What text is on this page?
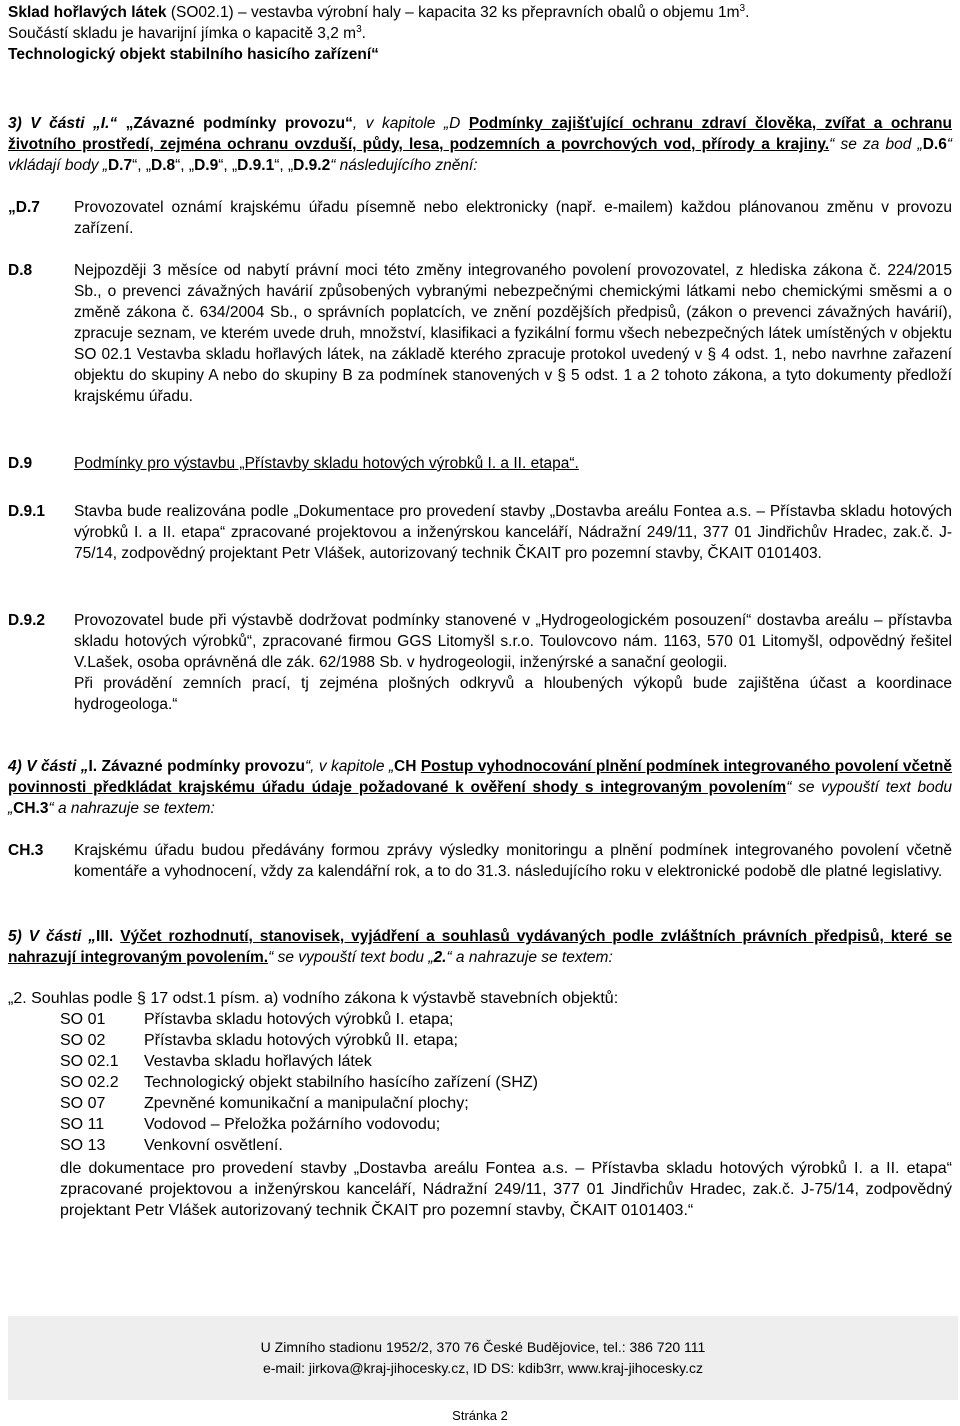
Sklad hořlavých látek (SO02.1) – vestavba výrobní haly – kapacita 32 ks přepravních obalů o objemu $1m^3$.
Součástí skladu je havarijní jímka o kapacitě 3,2 $m^3$.
Technologický objekt stabilního hasicího zařízení“
3) V části „I.“ „Závazné podmínky provozu“, v kapitole „D Podmínky zajišťující ochranu zdraví člověka, zvířat a ochranu životního prostředí, zejména ochranu ovzduší, půdy, lesa, podzemních a povrchových vod, přírody a krajiny.“ se za bod „D.6“ vkládají body „D.7“, „D.8“, „D.9“, „D.9.1“, „D.9.2“ následujícího znění:
„D.7 Provozovatel oznámí krajskému úřadu písemně nebo elektronicky (např. e-mailem) každou plánovanou změnu v provozu zařízení.
D.8	Nejpozději 3 měsíce od nabytí právní moci této změny integrovaného povolení provozovatel, z hlediska zákona č. 224/2015 Sb., o prevenci závažných havárií způsobených vybranými nebezpečnými chemickými látkami nebo chemickými směsmi a o změně zákona č. 634/2004 Sb., o správních poplatcích, ve znění pozdějších předpisů, (zákon o prevenci závažných havárií), zpracuje seznam, ve kterém uvede druh, množství, klasifikaci a fyzikální formu všech nebezpečných látek umístěných v objektu SO 02.1 Vestavba skladu hořlavých látek, na základě kterého zpracuje protokol uvedený v § 4 odst. 1, nebo navrhne zařazení objektu do skupiny A nebo do skupiny B za podmínek stanovených v § 5 odst. 1 a 2 tohoto zákona, a tyto dokumenty předloží krajskému úřadu.
D.9	Podmínky pro výstavbu „Přístavby skladu hotových výrobků I. a II. etapa“.
D.9.1 Stavba bude realizována podle „Dokumentace pro provedení stavby „Dostavba areálu Fontea a.s. – Přístavba skladu hotových výrobků I. a II. etapa“ zpracované projektovou a inženýrskou kanceláří, Nádražní 249/11, 377 01 Jindřichův Hradec, zak.č. J-75/14, zodpovědný projektant Petr Vlášek, autorizovaný technik ČKAIT pro pozemní stavby, ČKAIT 0101403.
D.9.2 Provozovatel bude při výstavbě dodržovat podmínky stanovené v „Hydrogeologickém posouzení“ dostavba areálu – přístavba skladu hotových výrobků“, zpracované firmou GGS Litomyšl s.r.o. Toulovcovo nám. 1163, 570 01 Litomyšl, odpovědný řešitel V.Lašek, osoba oprávněná dle zák. 62/1988 Sb. v hydrogeologii, inženýrské a sanační geologii.
Při provádění zemních prací, tj zejména plošných odkryvů a hloubených výkopů bude zajištěna účast a koordinace hydrogeologa.“
4) V části „I. Závazné podmínky provozu“, v kapitole „CH Postup vyhodnocování plnění podmínek integrovaného povolení včetně povinnosti předkládat krajskému úřadu údaje požadované k ověření shody s integrovaným povolením“ se vypouští text bodu „CH.3“ a nahrazuje se textem:
CH.3 Krajskému úřadu budou předávány formou zprávy výsledky monitoringu a plnění podmínek integrovaného povolení včetně komentáře a vyhodnocení, vždy za kalendářní rok, a to do 31.3. následujícího roku v elektronické podobě dle platné legislativy.
5) V části „III. Výčet rozhodnutí, stanovisek, vyjádření a souhlasů vydávaných podle zvláštních právních předpisů, které se nahrazují integrovaným povolením.“ se vypouští text bodu „2.“ a nahrazuje se textem:
„2. Souhlas podle § 17 odst.1 písm. a) vodního zákona k výstavbě stavebních objektů:
SO 01 Přístavba skladu hotových výrobků I. etapa;
SO 02 Přístavba skladu hotových výrobků II. etapa;
SO 02.1 Vestavba skladu hořlavých látek
SO 02.2 Technologický objekt stabilního hasícího zařízení (SHZ)
SO 07 Zpevněné komunikační a manipulační plochy;
SO 11 Vodovod – Přeložka požárního vodovodu;
SO 13 Venkovní osvětlení.
dle dokumentace pro provedení stavby „Dostavba areálu Fontea a.s. – Přístavba skladu hotových výrobků I. a II. etapa“ zpracované projektovou a inženýrskou kanceláří, Nádražní 249/11, 377 01 Jindřichův Hradec, zak.č. J-75/14, zodpovědný projektant Petr Vlášek autorizovaný technik ČKAIT pro pozemní stavby, ČKAIT 0101403.“
U Zimního stadionu 1952/2, 370 76 České Budějovice, tel.: 386 720 111
e-mail: jirkova@kraj-jihocesky.cz, ID DS: kdib3rr, www.kraj-jihocesky.cz
Stránka 2
